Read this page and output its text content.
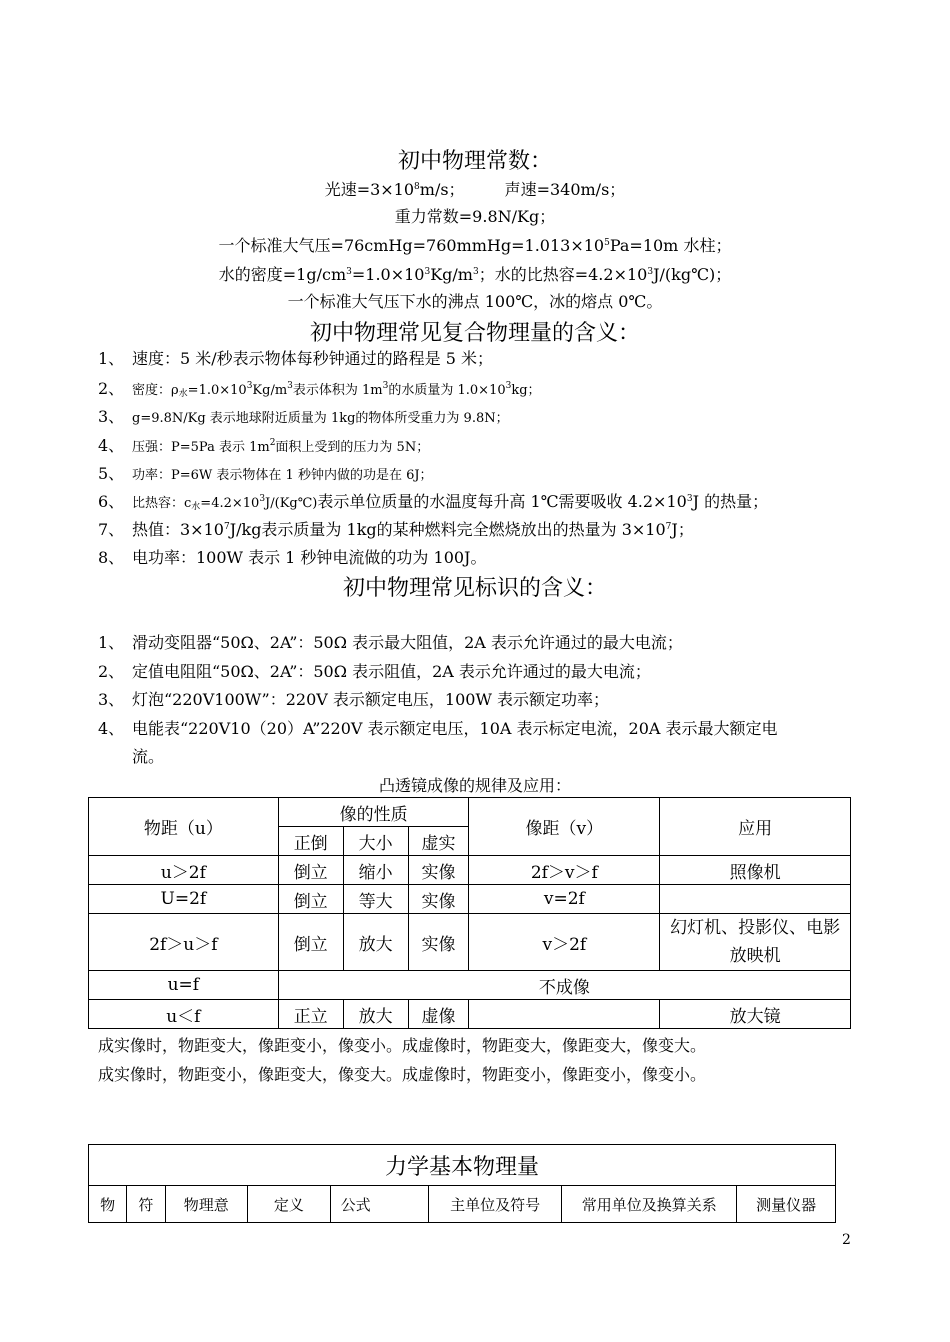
初中物理常数：
光速$=3\times 10^8m/s$；	声速=340m/s；
重力常数=9.8N/Kg；
一个标准大气压$=76cmHg=760mmHg=1.013\times 10^5Pa=10m$ 水柱；
水的密度$=1g/cm^3=1.0\times 10^3Kg/m^3$；水的比热容$=4.2\times 10^3J/(kg℃)$；
一个标准大气压下水的沸点 100℃，冰的熔点 0℃。
初中物理常见复合物理量的含义：
1、 速度：5 米/秒表示物体每秒钟通过的路程是 5 米；
2、 密度：$\rho_水=1.0\times 10^3Kg/m^3$表示体积为 $1m^3$的水质量为 $1.0\times 10^3kg$；
3、 g=9.8N/Kg 表示地球附近质量为 1kg的物体所受重力为 9.8N；
4、 压强：P=5Pa 表示 $1m^2$面积上受到的压力为 5N；
5、 功率：P=6W 表示物体在 1 秒钟内做的功是在 6J；
6、 比热容：$c_水=4.2\times 10^3J/(Kg℃)$表示单位质量的水温度每升高 1℃需要吸收 $4.2\times 10^3J$ 的热量；
7、 热值：$3\times 10^7J/kg$表示质量为 1kg的某种燃料完全燃烧放出的热量为 $3\times 10^7J$；
8、 电功率：100W 表示 1 秒钟电流做的功为 100J。
初中物理常见标识的含义：
1、 滑动变阻器“50Ω、2A”：50Ω 表示最大阻值，2A 表示允许通过的最大电流；
2、 定值电阻阻“50Ω、2A”：50Ω 表示阻值，2A 表示允许通过的最大电流；
3、 灯泡“220V100W”：220V 表示额定电压，100W 表示额定功率；
4、 电能表“220V10（20）A”220V 表示额定电压，10A 表示标定电流，20A 表示最大额定电
流。
凸透镜成像的规律及应用：
物距（u）	像的性质			像距（v）	应用
	正倒	大小	虚实		
u＞2f	倒立	缩小	实像	2f＞v＞f	照像机
U=2f	倒立	等大	实像	v=2f	
2f＞u＞f	倒立	放大	实像	v＞2f	幻灯机、投影仪、电影放映机
u=f	不成像				
u＜f	正立	放大	虚像		放大镜
成实像时，物距变大，像距变小，像变小。成虚像时，物距变大，像距变大，像变大。
成实像时，物距变小，像距变大，像变大。成虚像时，物距变小，像距变小，像变小。
力学基本物理量
物	符	物理意	定义	公式	主单位及符号	常用单位及换算关系	测量仪器
2
